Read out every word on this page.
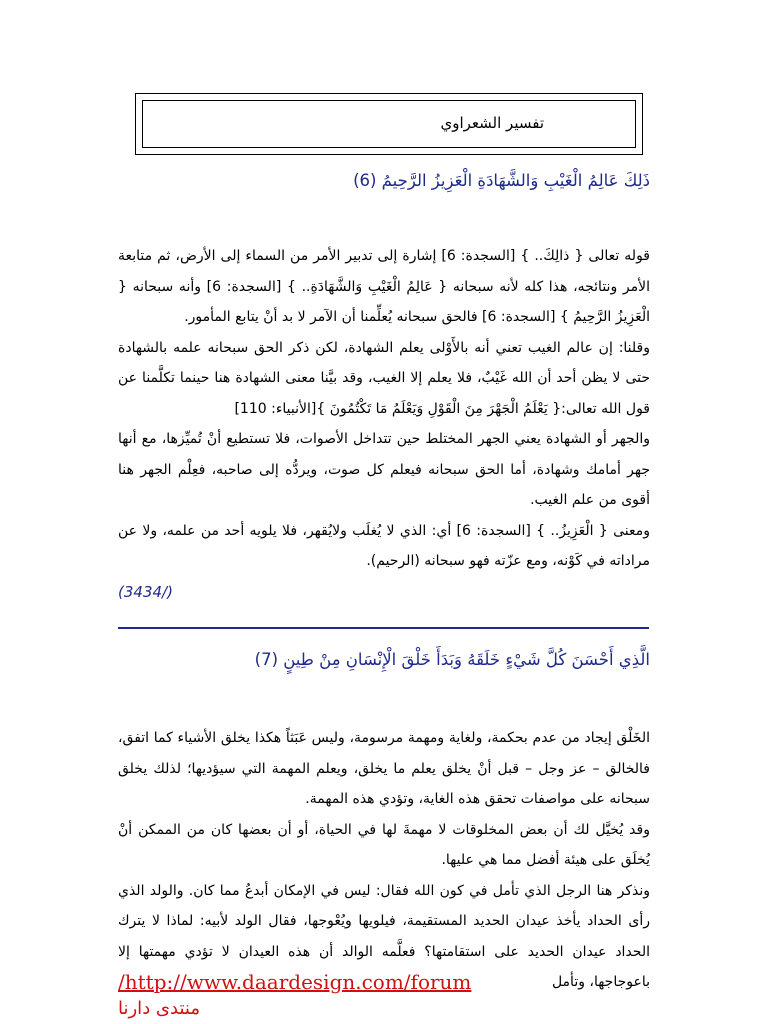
تفسير الشعراوي
ذَلِكَ عَالِمُ الْغَيْبِ وَالشَّهَادَةِ الْعَزِيزُ الرَّحِيمُ (6)

قوله تعالى { ذالِكَ.. } [السجدة: 6] إشارة إلى تدبير الأمر من السماء إلى الأرض، ثم متابعة الأمر ونتائجه، هذا كله لأنه سبحانه { عَالِمُ الْغَيْبِ وَالشَّهَادَةِ.. } [السجدة: 6] وأنه سبحانه { الْعَزِيزُ الرَّحِيمُ } [السجدة: 6] فالحق سبحانه يُعلِّمنا أن الآمر لا بد أنْ يتابع المأمور.

وقلنا: إن عالم الغيب تعني أنه بالأَوْلى يعلم الشهادة، لكن ذكر الحق سبحانه علمه بالشهادة حتى لا يظن أحد أن الله غَيْبٌ، فلا يعلم إلا الغيب، وقد بيَّنا معنى الشهادة هنا حينما تكلَّمنا عن قول الله تعالى:{ يَعْلَمُ الْجَهْرَ مِنَ الْقَوْلِ وَيَعْلَمُ مَا تَكْتُمُونَ }[الأنبياء: 110]

والجهر أو الشهادة يعني الجهر المختلط حين تتداخل الأصوات، فلا تستطيع أنْ تُميِّزها، مع أنها جهر أمامك وشهادة، أما الحق سبحانه فيعلم كل صوت، ويردُّه إلى صاحبه، فعِلْم الجهر هنا أقوى من علم الغيب.

ومعنى { الْعَزِيزُ.. } [السجدة: 6] أي: الذي لا يُغلَب ولايُقهر، فلا يلويه أحد من علمه، ولا عن مراداته في كَوْنه، ومع عزّته فهو سبحانه (الرحيم).

(3434/)
الَّذِي أَحْسَنَ كُلَّ شَيْءٍ خَلَقَهُ وَبَدَأَ خَلْقَ الْإِنْسَانِ مِنْ طِينٍ (7)

الخَلْق إيجاد من عدم بحكمة، ولغاية ومهمة مرسومة، وليس عَبَثاً هكذا يخلق الأشياء كما اتفق، فالخالق – عز وجل – قبل أنْ يخلق يعلم ما يخلق، ويعلم المهمة التي سيؤديها؛ لذلك يخلق سبحانه على مواصفات تحقق هذه الغاية، وتؤدي هذه المهمة.

وقد يُخيَّل لك أن بعض المخلوقات لا مهمةَ لها في الحياة، أو أن بعضها كان من الممكن أنْ يُخلَق على هيئة أفضل مما هي عليها.

ونذكر هنا الرجل الذي تأمل في كون الله فقال: ليس في الإمكان أبدعُ مما كان. والولد الذي رأى الحداد يأخذ عيدان الحديد المستقيمة، فيلويها ويُعْوجها، فقال الولد لأبيه: لماذا لا يترك الحداد عيدان الحديد على استقامتها؟ فعلَّمه الوالد أن هذه العيدان لا تؤدي مهمتها إلا باعوجاجها، وتأمل

/http://www.daardesign.com/forum
منتدى دارنا
